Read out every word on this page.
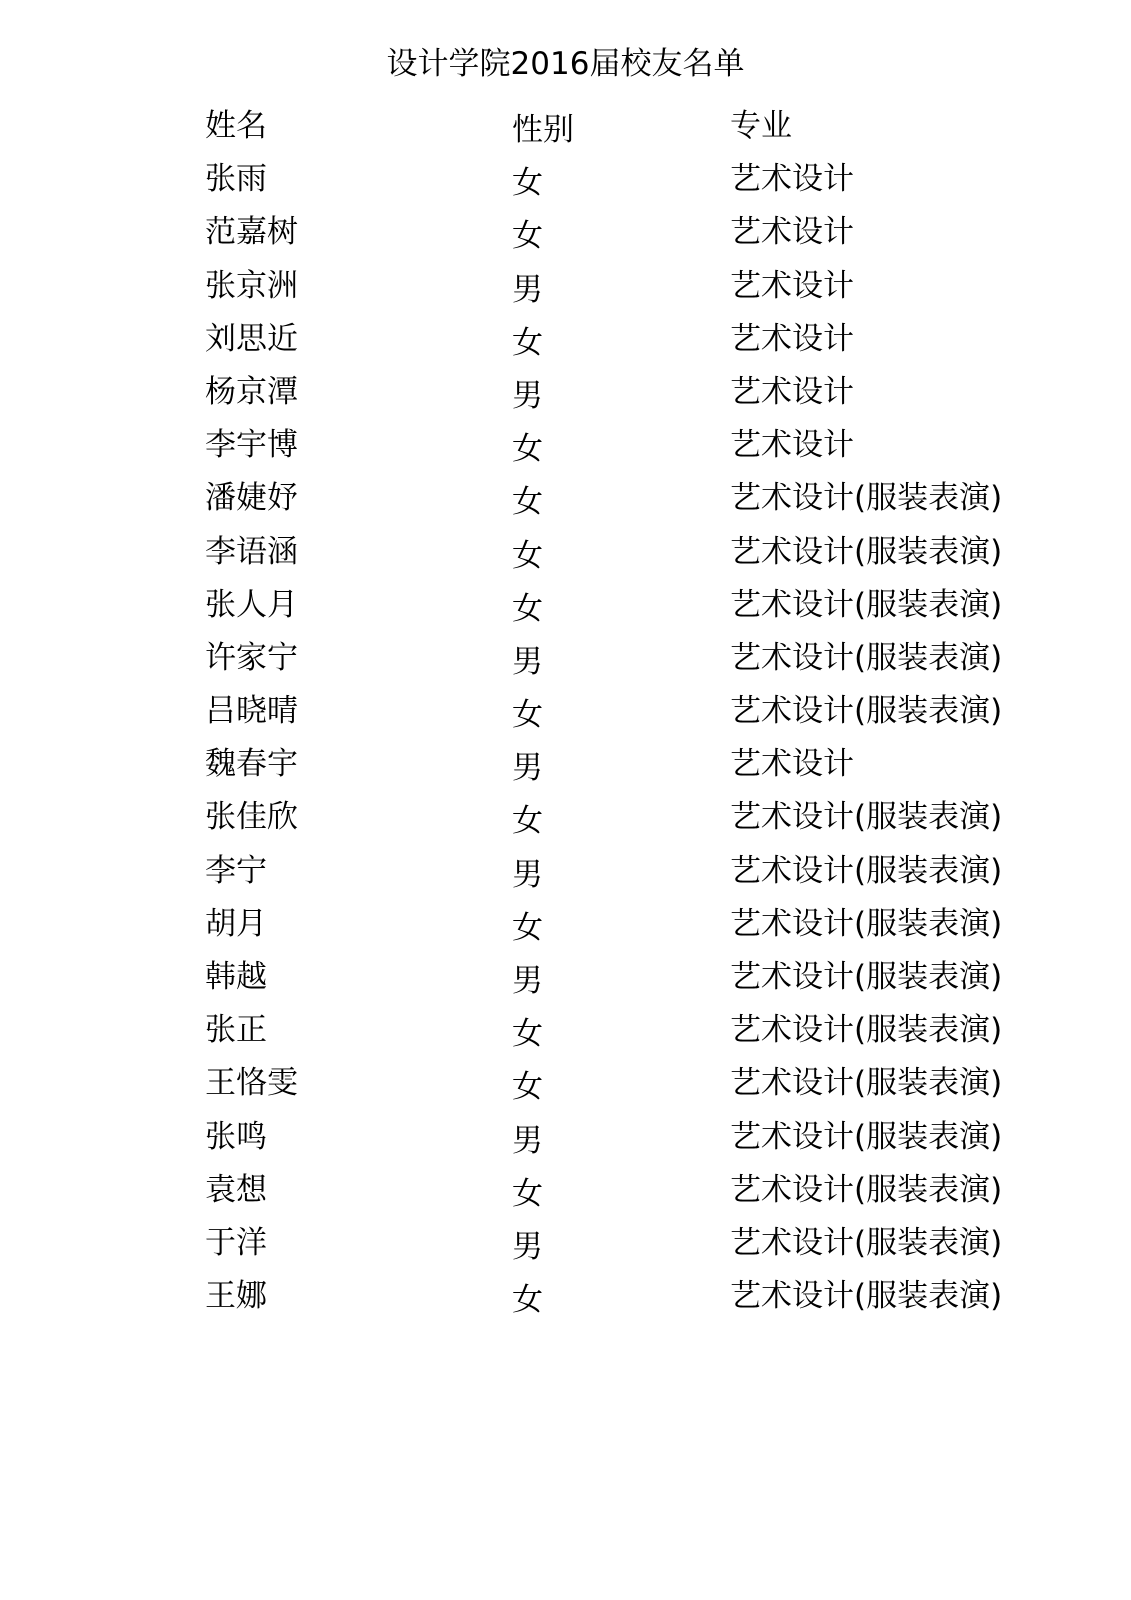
设计学院2016届校友名单
姓名	性别	专业
张雨	女	艺术设计
范嘉树	女	艺术设计
张京洲	男	艺术设计
刘思近	女	艺术设计
杨京潭	男	艺术设计
李宇博	女	艺术设计
潘婕妤	女	艺术设计(服装表演)
李语涵	女	艺术设计(服装表演)
张人月	女	艺术设计(服装表演)
许家宁	男	艺术设计(服装表演)
吕晓晴	女	艺术设计(服装表演)
魏春宇	男	艺术设计
张佳欣	女	艺术设计(服装表演)
李宁	男	艺术设计(服装表演)
胡月	女	艺术设计(服装表演)
韩越	男	艺术设计(服装表演)
张正	女	艺术设计(服装表演)
王恪雯	女	艺术设计(服装表演)
张鸣	男	艺术设计(服装表演)
袁想	女	艺术设计(服装表演)
于洋	男	艺术设计(服装表演)
王娜	女	艺术设计(服装表演)
